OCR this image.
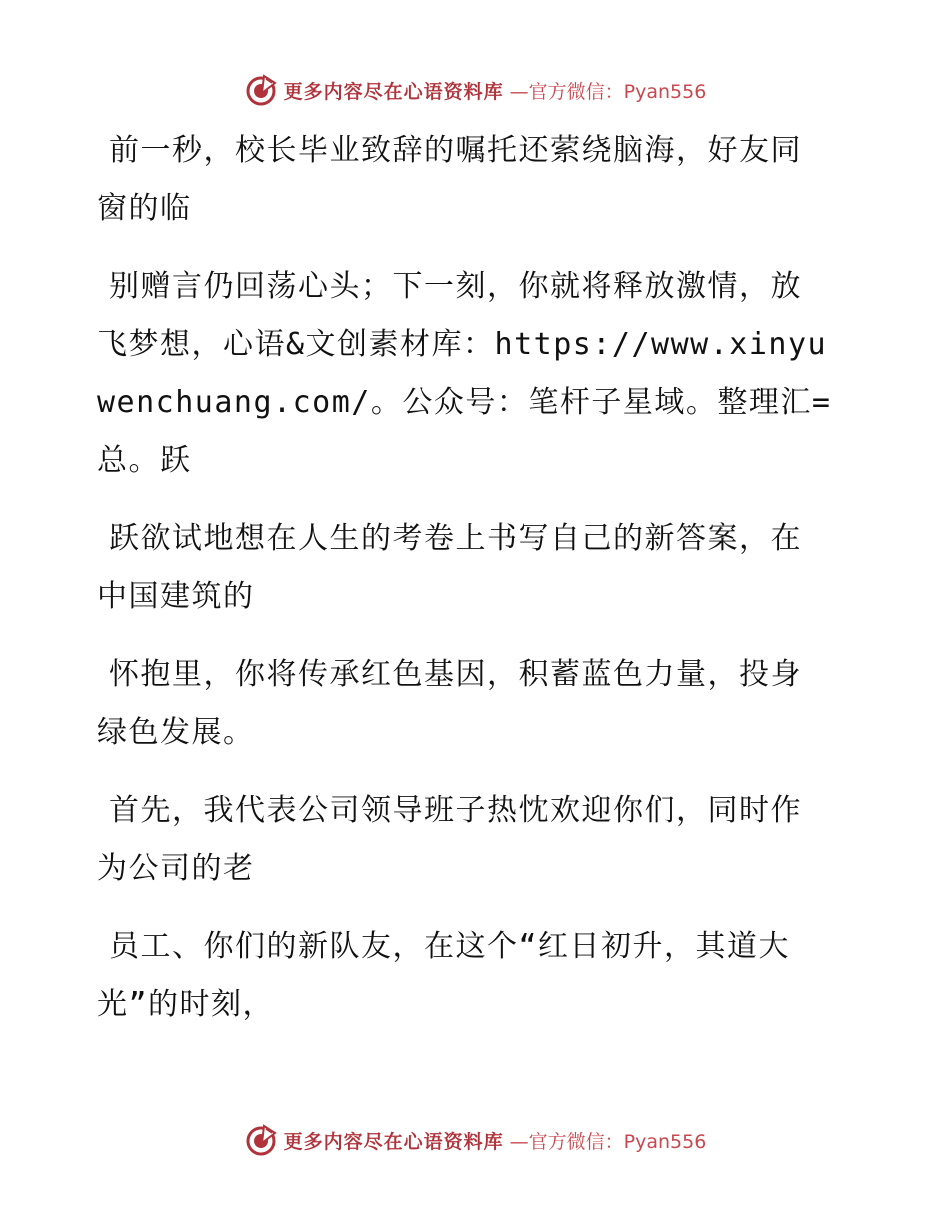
更多内容尽在心语资料库 —官方微信：Pyan556

前一秒，校长毕业致辞的嘱托还萦绕脑海，好友同窗的临

别赠言仍回荡心头；下一刻，你就将释放激情，放飞梦想，心语&文创素材库：https://www.xinyuwenchuang.com/。公众号：笔杆子星域。整理汇=总。跃

跃欲试地想在人生的考卷上书写自己的新答案，在中国建筑的

怀抱里，你将传承红色基因，积蓄蓝色力量，投身绿色发展。

首先，我代表公司领导班子热忱欢迎你们，同时作为公司的老

员工、你们的新队友，在这个“红日初升，其道大光”的时刻，

更多内容尽在心语资料库 —官方微信：Pyan556
